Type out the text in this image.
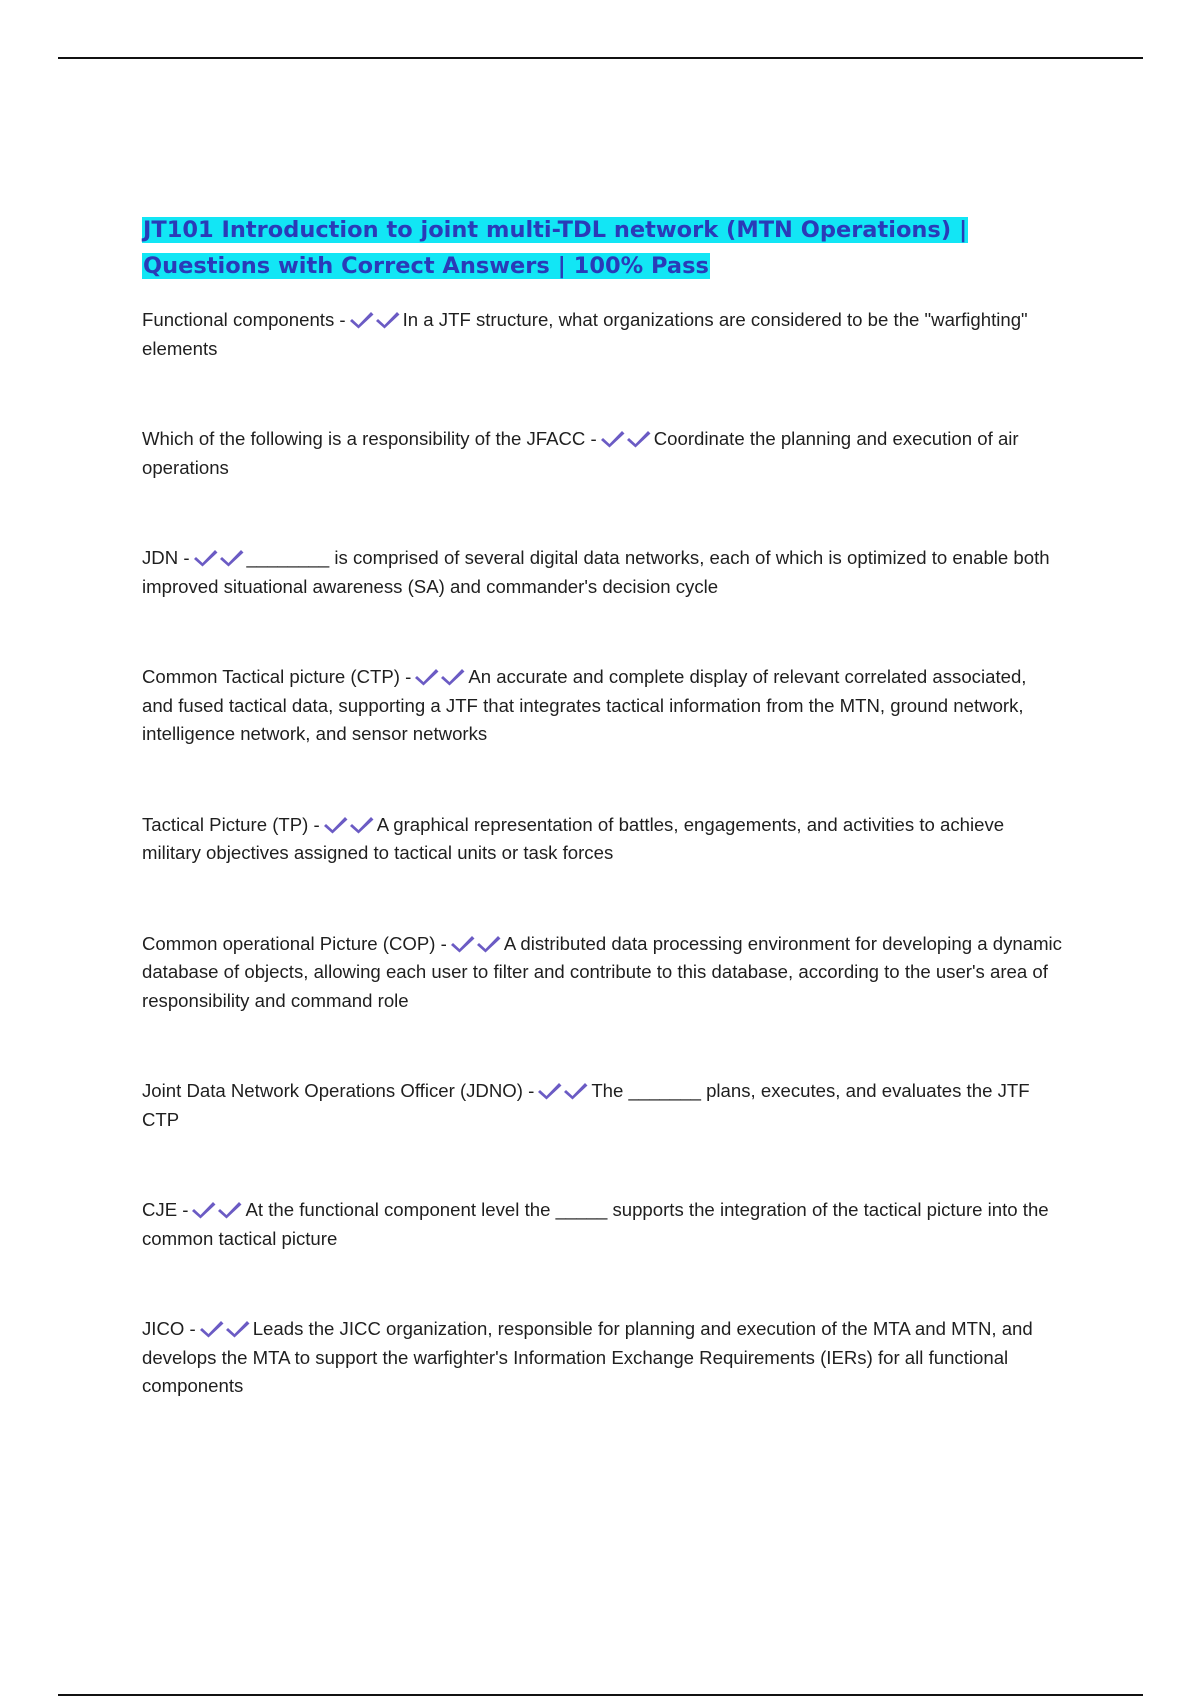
JT101 Introduction to joint multi-TDL network (MTN Operations) | Questions with Correct Answers | 100% Pass

Functional components -	In a JTF structure, what organizations are considered to be the "warfighting" elements

Which of the following is a responsibility of the JFACC -	Coordinate the planning and execution of air operations

JDN -	________ is comprised of several digital data networks, each of which is optimized to enable both improved situational awareness (SA) and commander's decision cycle

Common Tactical picture (CTP) -	An accurate and complete display of relevant correlated associated, and fused tactical data, supporting a JTF that integrates tactical information from the MTN, ground network, intelligence network, and sensor networks

Tactical Picture (TP) -	A graphical representation of battles, engagements, and activities to achieve military objectives assigned to tactical units or task forces

Common operational Picture (COP) -	A distributed data processing environment for developing a dynamic database of objects, allowing each user to filter and contribute to this database, according to the user's area of responsibility and command role

Joint Data Network Operations Officer (JDNO) -	The _______ plans, executes, and evaluates the JTF CTP

CJE -	At the functional component level the _____ supports the integration of the tactical picture into the common tactical picture

JICO -	Leads the JICC organization, responsible for planning and execution of the MTA and MTN, and develops the MTA to support the warfighter's Information Exchange Requirements (IERs) for all functional components
